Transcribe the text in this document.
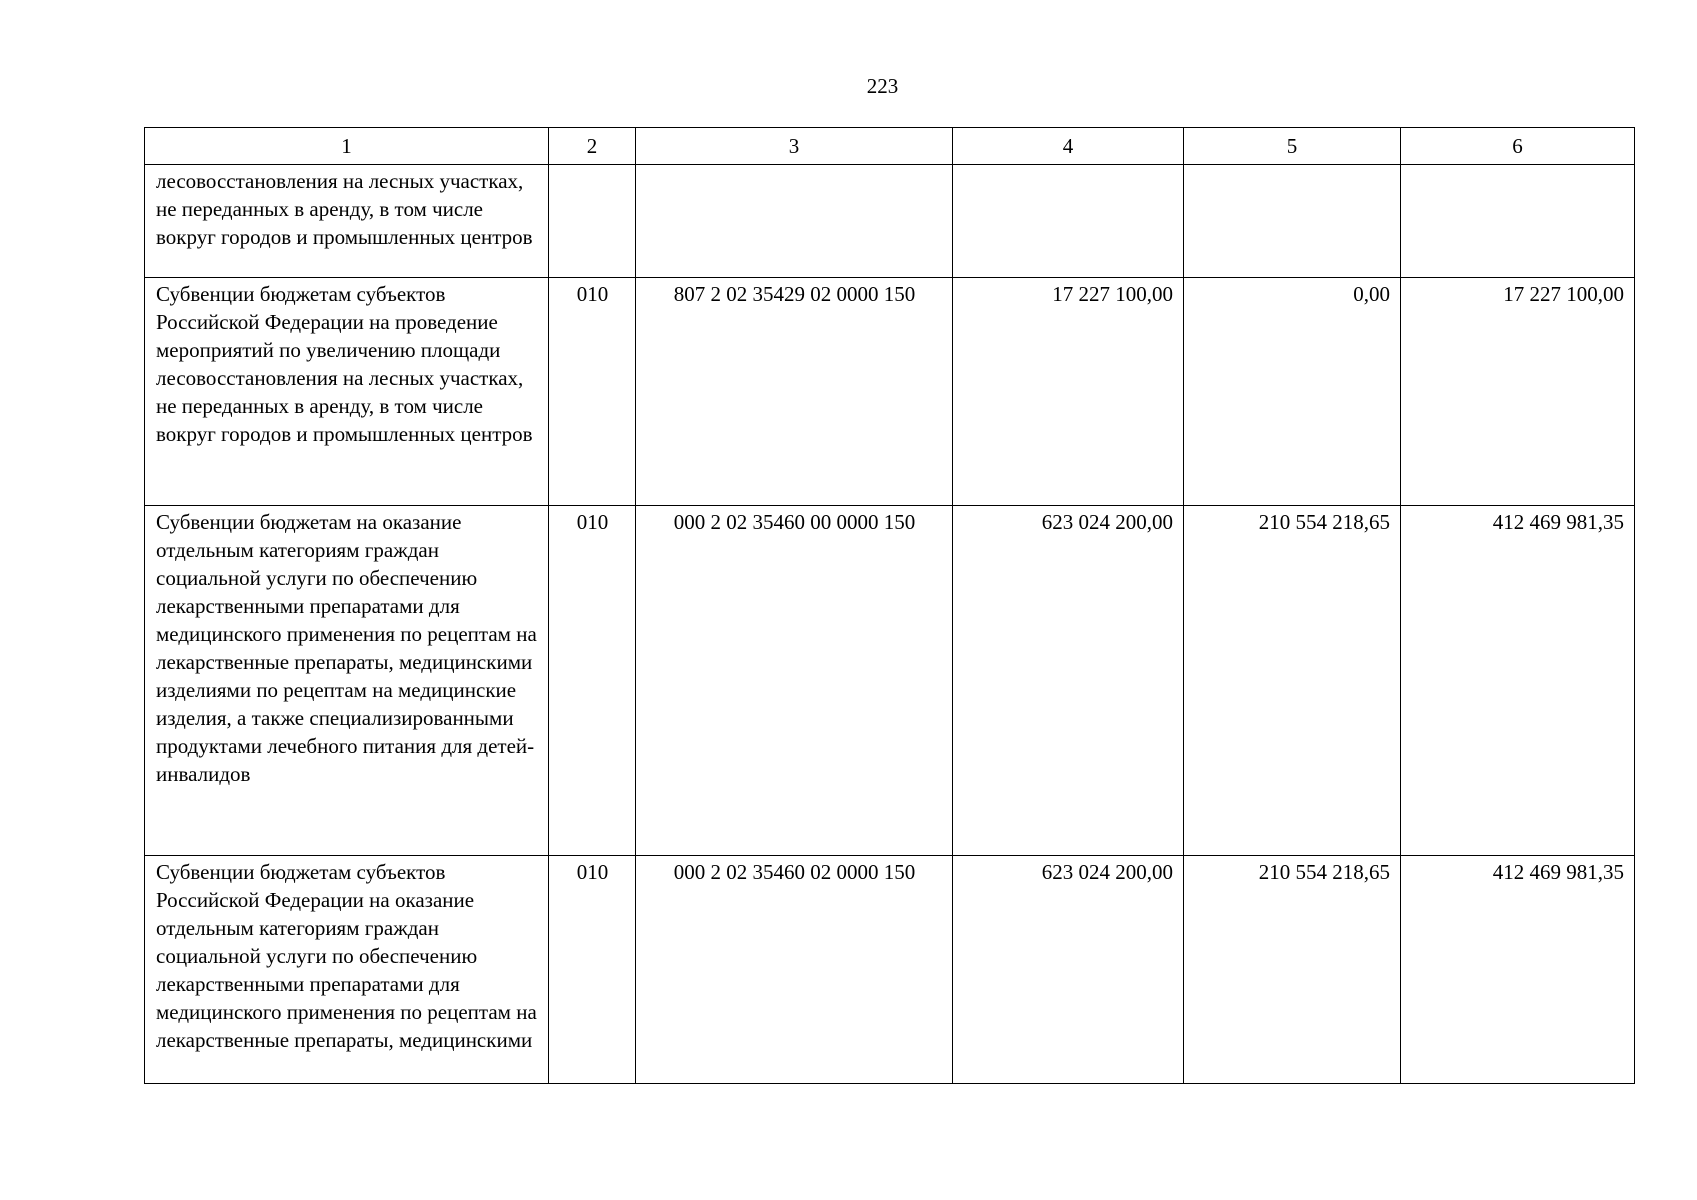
223
1	2	3	4	5	6
лесовосстановления на лесных участках, не переданных в аренду, в том числе вокруг городов и промышленных центров					
Субвенции бюджетам субъектов Российской Федерации на проведение мероприятий по увеличению площади лесовосстановления на лесных участках, не переданных в аренду, в том числе вокруг городов и промышленных центров	010	807 2 02 35429 02 0000 150	17 227 100,00	0,00	17 227 100,00
Субвенции бюджетам на оказание отдельным категориям граждан социальной услуги по обеспечению лекарственными препаратами для медицинского применения по рецептам на лекарственные препараты, медицинскими изделиями по рецептам на медицинские изделия, а также специализированными продуктами лечебного питания для детей-инвалидов	010	000 2 02 35460 00 0000 150	623 024 200,00	210 554 218,65	412 469 981,35
Субвенции бюджетам субъектов Российской Федерации на оказание отдельным категориям граждан социальной услуги по обеспечению лекарственными препаратами для медицинского применения по рецептам на лекарственные препараты, медицинскими	010	000 2 02 35460 02 0000 150	623 024 200,00	210 554 218,65	412 469 981,35
